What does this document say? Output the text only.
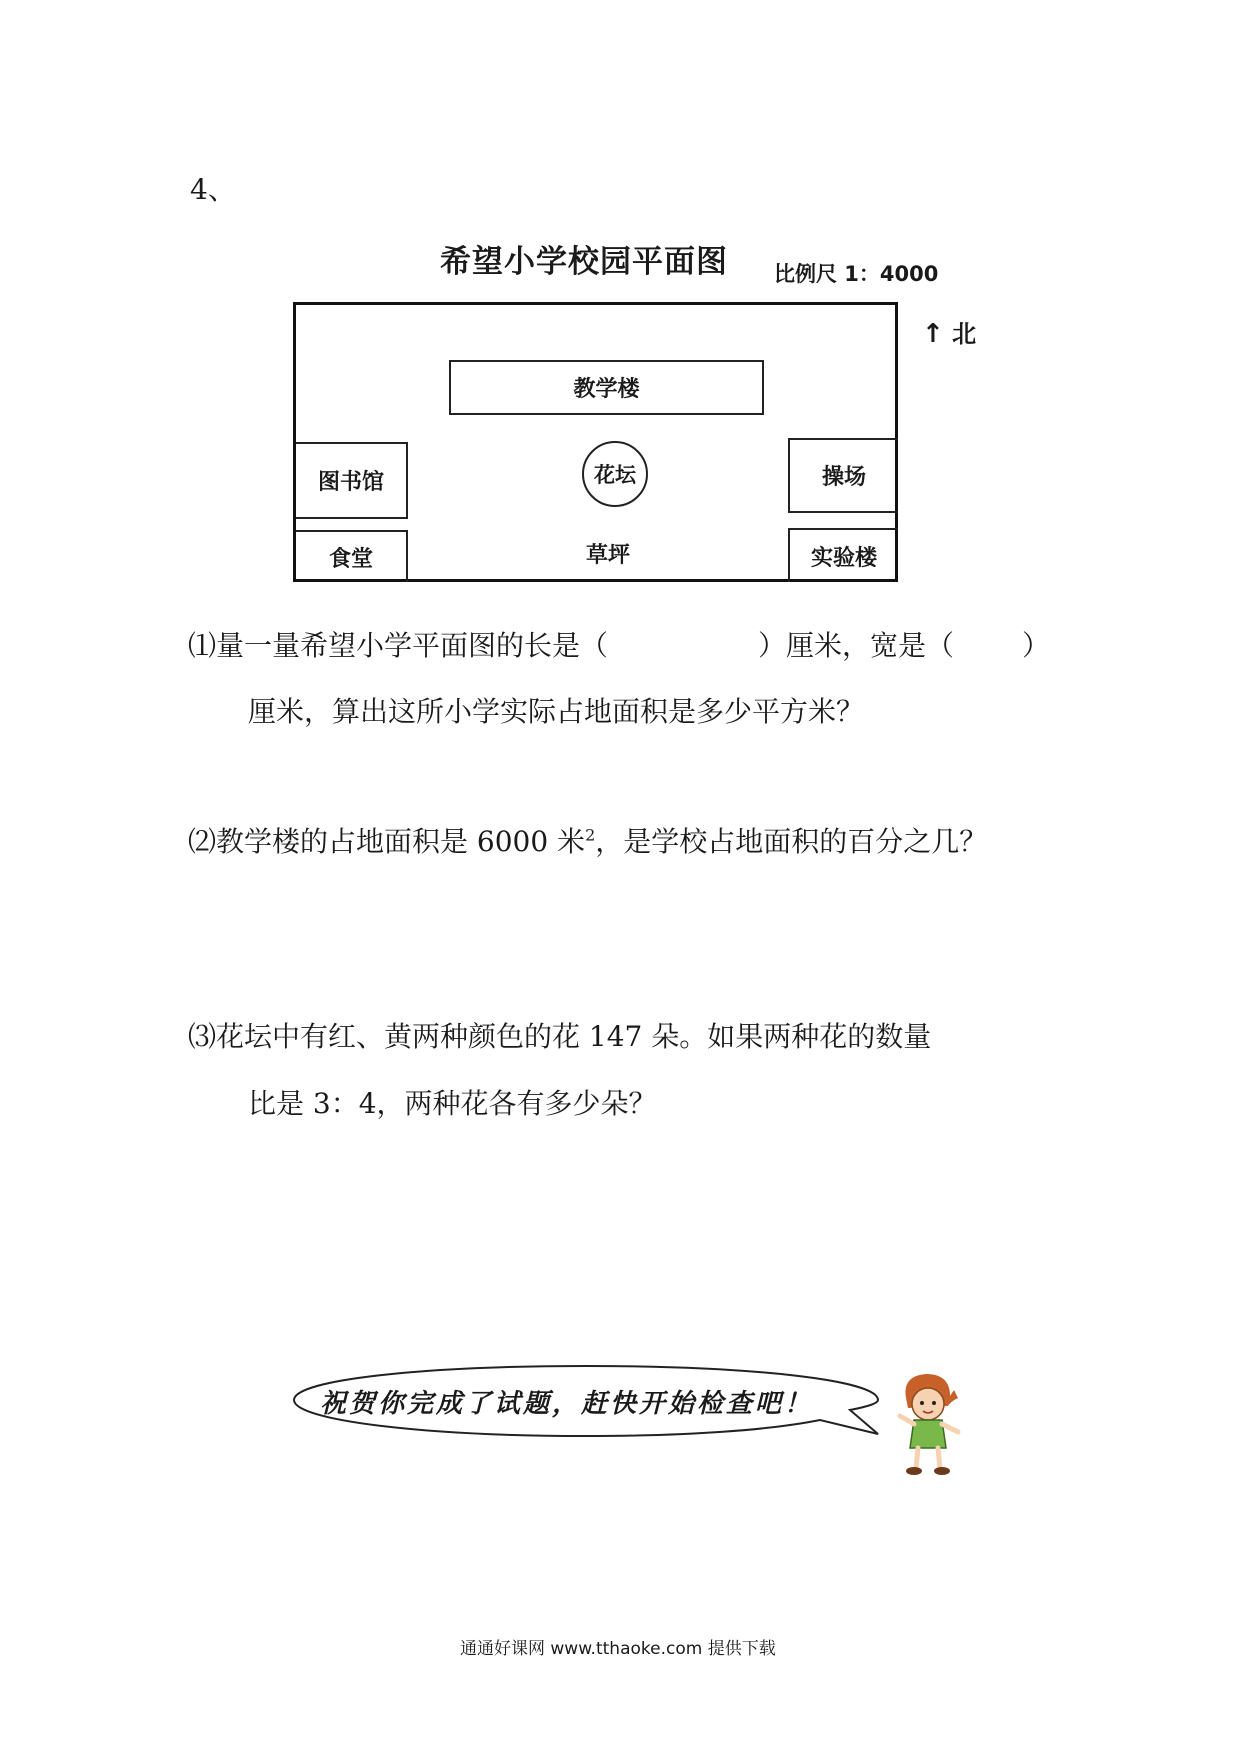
4、
希望小学校园平面图 比例尺 1：4000
↑ 北
教学楼
图书馆
食堂
操场
实验楼
花坛
草坪
⑴量一量希望小学平面图的长是（	）厘米，宽是（ ）
厘米，算出这所小学实际占地面积是多少平方米？
⑵教学楼的占地面积是 6000 米$^2$，是学校占地面积的百分之几？
⑶花坛中有红、黄两种颜色的花 147 朵。如果两种花的数量
比是 3：4，两种花各有多少朵？
祝贺你完成了试题，赶快开始检查吧！
通通好课网 www.tthaoke.com 提供下载
